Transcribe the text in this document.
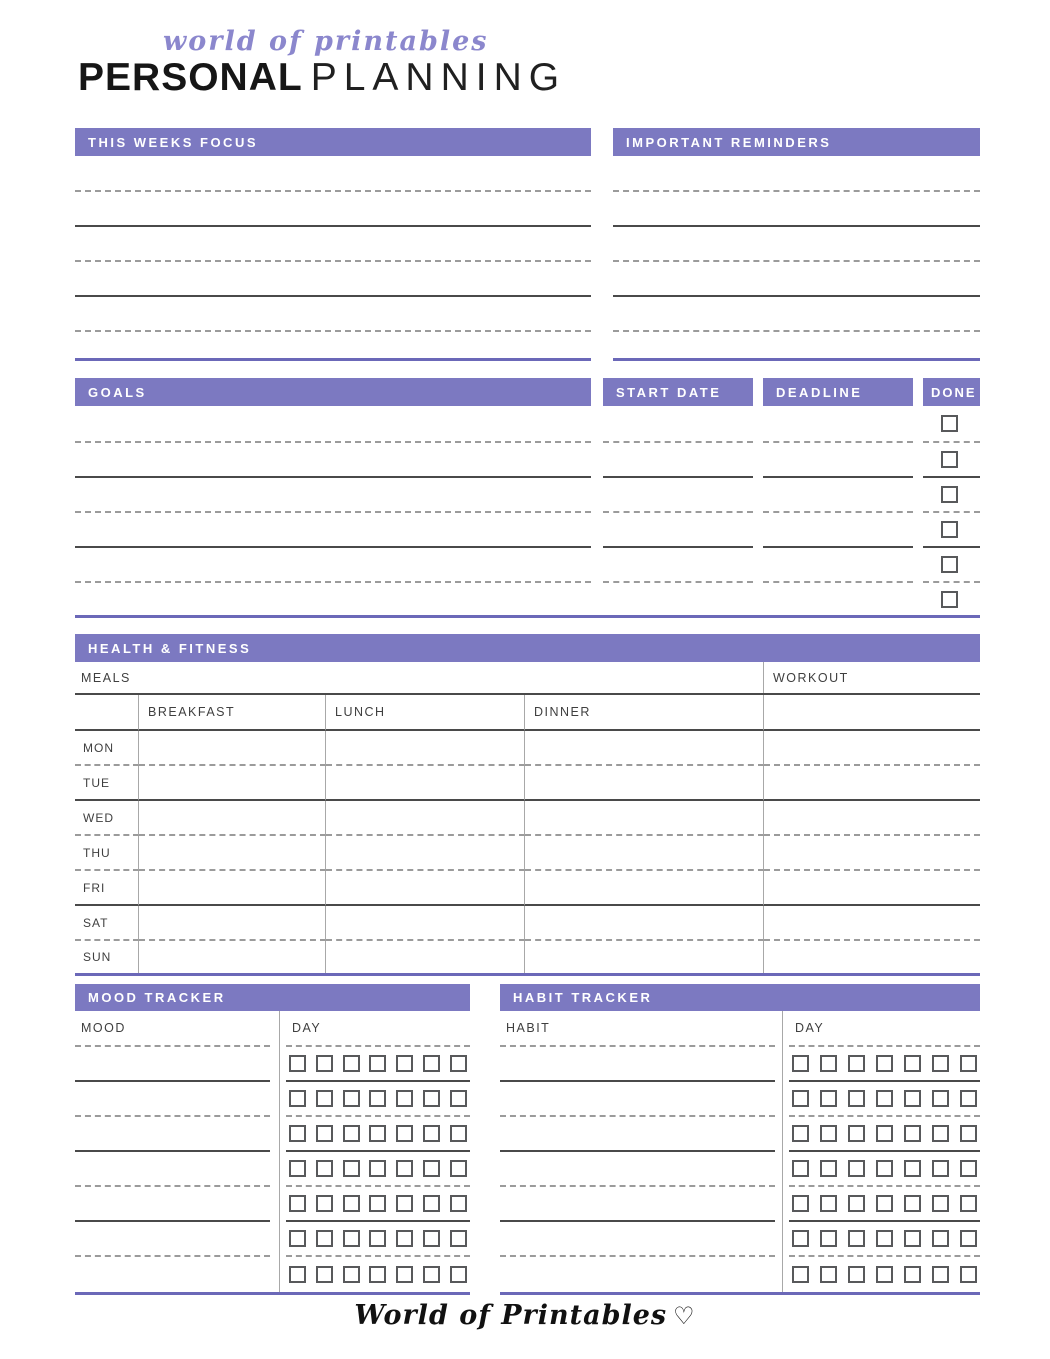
world of printables
PERSONAL PLANNING
THIS WEEKS FOCUS	IMPORTANT REMINDERS
GOALS	START DATE	DEADLINE	DONE
HEALTH & FITNESS
MEALS	WORKOUT
BREAKFAST	LUNCH	DINNER
MON
TUE
WED
THU
FRI
SAT
SUN
MOOD TRACKER
MOOD	DAY
HABIT TRACKER
HABIT	DAY
World of Printables ♡
